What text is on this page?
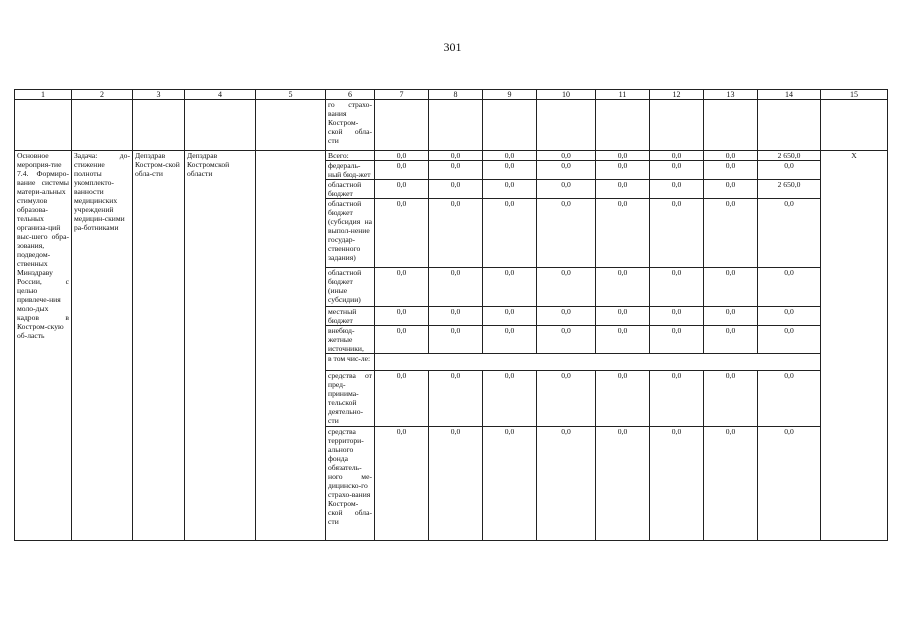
301
1	2	3	4	5	6	7	8	9	10	11	12	13	14	15
					го страхо-вания Костром-ской обла-сти									
Основное мероприя-тие 7.4. Формиро-вание системы матери-альных стимулов образова-тельных организа-ций выс-шего обра-зования, подведом-ственных Минздраву России, с целью привлече-ния моло-дых кадров в Костром-скую об-ласть	Задача: до-стижение полноты укомплекто-ванности медицинских учреждений медицин-скими ра-ботниками	Депздрав Костром-ской обла-сти	Депздрав Костромской области		Всего:	0,0	0,0	0,0	0,0	0,0	0,0	0,0	2 650,0	X
					федераль-ный бюд-жет	0,0	0,0	0,0	0,0	0,0	0,0	0,0	0,0	
					областной бюджет	0,0	0,0	0,0	0,0	0,0	0,0	0,0	2 650,0	
					областной бюджет (субсидия на выпол-нение государ-ственного задания)	0,0	0,0	0,0	0,0	0,0	0,0	0,0	0,0	
					областной бюджет (иные субсидии)	0,0	0,0	0,0	0,0	0,0	0,0	0,0	0,0	
					местный бюджет	0,0	0,0	0,0	0,0	0,0	0,0	0,0	0,0	
					внебюд-жетные источники,	0,0	0,0	0,0	0,0	0,0	0,0	0,0	0,0	
					в том чис-ле:									
					средства от пред-принима-тельской деятельно-сти	0,0	0,0	0,0	0,0	0,0	0,0	0,0	0,0	
					средства территори-ального фонда обязатель-ного ме-дицинско-го страхо-вания Костром-ской обла-сти	0,0	0,0	0,0	0,0	0,0	0,0	0,0	0,0	
